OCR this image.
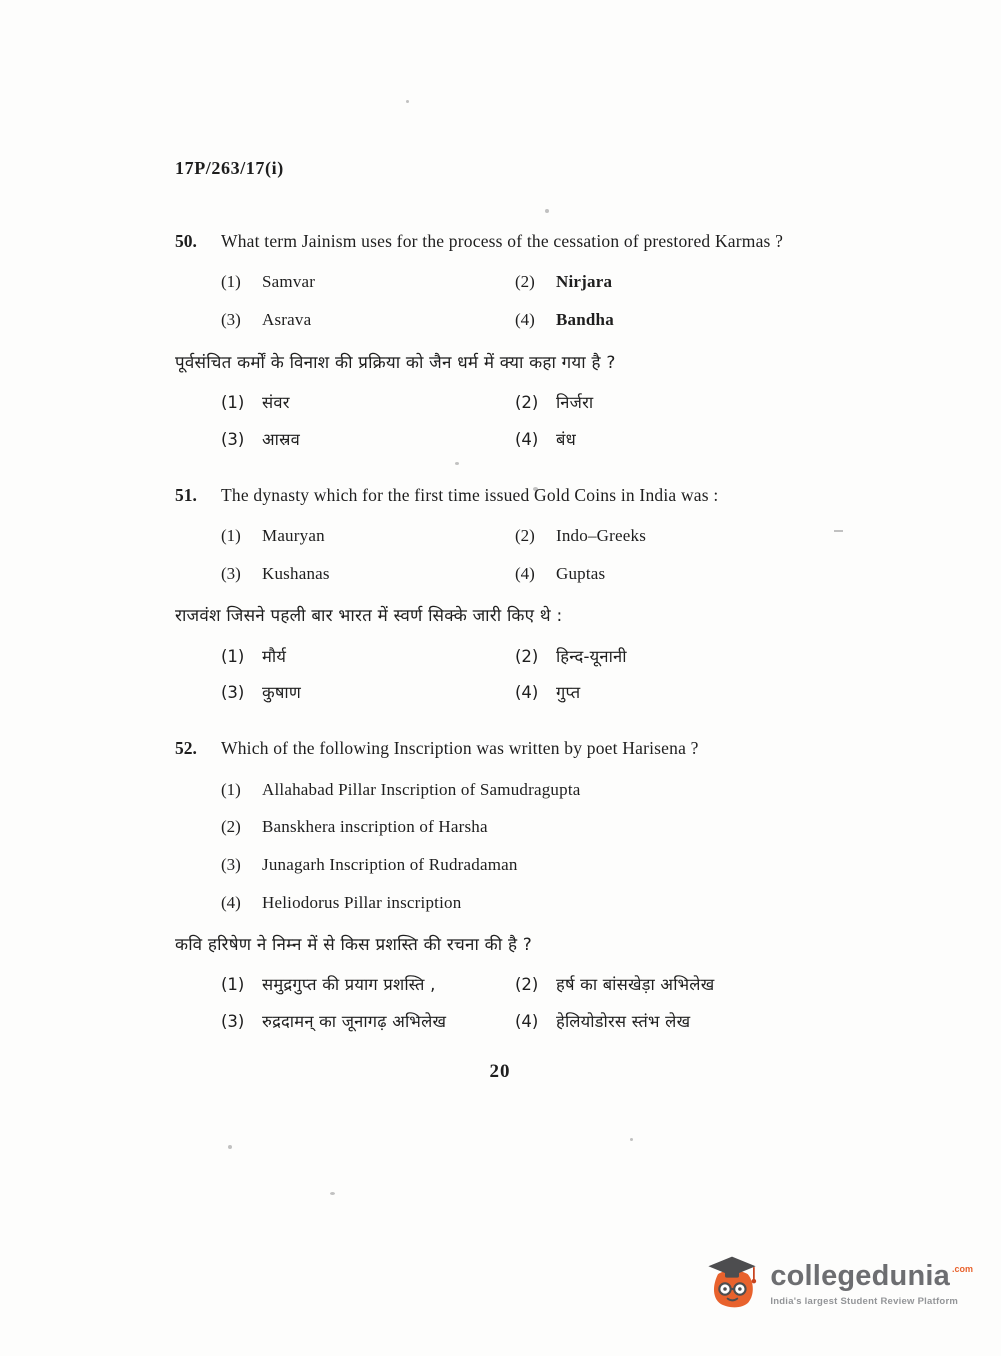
17P/263/17(i)
50.	What term Jainism uses for the process of the cessation of prestored Karmas ?

(1)	Samvar	(2)	Nirjara
(3)	Asrava	(4)	Bandha

पूर्वसंचित कर्मों के विनाश की प्रक्रिया को जैन धर्म में क्या कहा गया है ?

(1)	संवर	(2)	निर्जरा
(3)	आस्रव	(4)	बंध
51.	The dynasty which for the first time issued Gold Coins in India was :

(1)	Mauryan	(2)	Indo–Greeks
(3)	Kushanas	(4)	Guptas

राजवंश जिसने पहली बार भारत में स्वर्ण सिक्के जारी किए थे :

(1)	मौर्य	(2)	हिन्द-यूनानी
(3)	कुषाण	(4)	गुप्त
52.	Which of the following Inscription was written by poet Harisena ?

(1)	Allahabad Pillar Inscription of Samudragupta
(2)	Banskhera inscription of Harsha
(3)	Junagarh Inscription of Rudradaman
(4)	Heliodorus Pillar inscription

कवि हरिषेण ने निम्न में से किस प्रशस्ति की रचना की है ?

(1)	समुद्रगुप्त की प्रयाग प्रशस्ति ,	(2)	हर्ष का बांसखेड़ा अभिलेख
(3)	रुद्रदामन् का जूनागढ़ अभिलेख	(4)	हेलियोडोरस स्तंभ लेख
20
collegedunia .com
India's largest Student Review Platform
